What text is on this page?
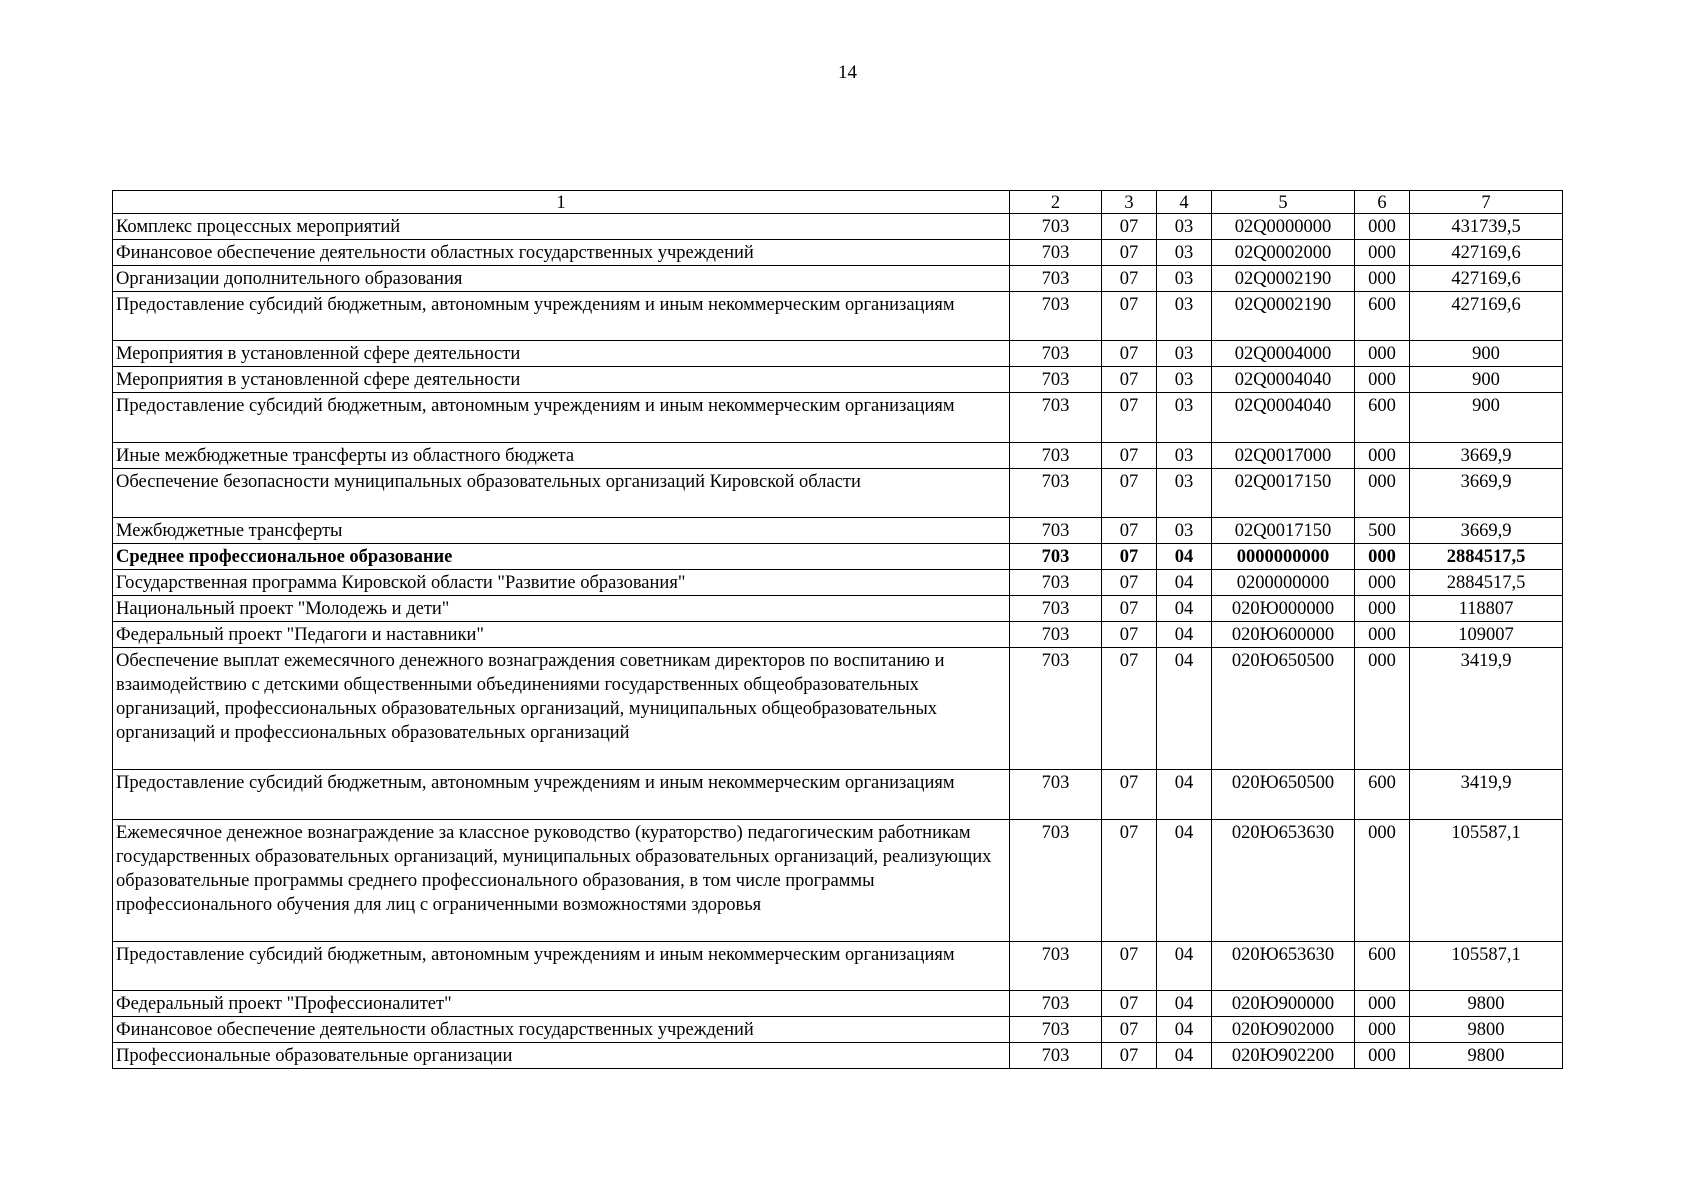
14
1	2	3	4	5	6	7
Комплекс процессных мероприятий	703	07	03	02Q0000000	000	431739,5
Финансовое обеспечение деятельности областных государственных учреждений	703	07	03	02Q0002000	000	427169,6
Организации дополнительного образования	703	07	03	02Q0002190	000	427169,6
Предоставление субсидий бюджетным, автономным учреждениям и иным некоммерческим организациям	703	07	03	02Q0002190	600	427169,6
Мероприятия в установленной сфере деятельности	703	07	03	02Q0004000	000	900
Мероприятия в установленной сфере деятельности	703	07	03	02Q0004040	000	900
Предоставление субсидий бюджетным, автономным учреждениям и иным некоммерческим организациям	703	07	03	02Q0004040	600	900
Иные межбюджетные трансферты из областного бюджета	703	07	03	02Q0017000	000	3669,9
Обеспечение безопасности муниципальных образовательных организаций Кировской области	703	07	03	02Q0017150	000	3669,9
Межбюджетные трансферты	703	07	03	02Q0017150	500	3669,9
Среднее профессиональное образование	703	07	04	0000000000	000	2884517,5
Государственная программа Кировской области "Развитие образования"	703	07	04	0200000000	000	2884517,5
Национальный проект "Молодежь и дети"	703	07	04	020Ю000000	000	118807
Федеральный проект "Педагоги и наставники"	703	07	04	020Ю600000	000	109007
Обеспечение выплат ежемесячного денежного вознаграждения советникам директоров по воспитанию и взаимодействию с детскими общественными объединениями государственных общеобразовательных организаций, профессиональных образовательных организаций, муниципальных общеобразовательных организаций и профессиональных образовательных организаций	703	07	04	020Ю650500	000	3419,9
Предоставление субсидий бюджетным, автономным учреждениям и иным некоммерческим организациям	703	07	04	020Ю650500	600	3419,9
Ежемесячное денежное вознаграждение за классное руководство (кураторство) педагогическим работникам государственных образовательных организаций, муниципальных образовательных организаций, реализующих образовательные программы среднего профессионального образования, в том числе программы профессионального обучения для лиц с ограниченными возможностями здоровья	703	07	04	020Ю653630	000	105587,1
Предоставление субсидий бюджетным, автономным учреждениям и иным некоммерческим организациям	703	07	04	020Ю653630	600	105587,1
Федеральный проект "Профессионалитет"	703	07	04	020Ю900000	000	9800
Финансовое обеспечение деятельности областных государственных учреждений	703	07	04	020Ю902000	000	9800
Профессиональные образовательные организации	703	07	04	020Ю902200	000	9800
